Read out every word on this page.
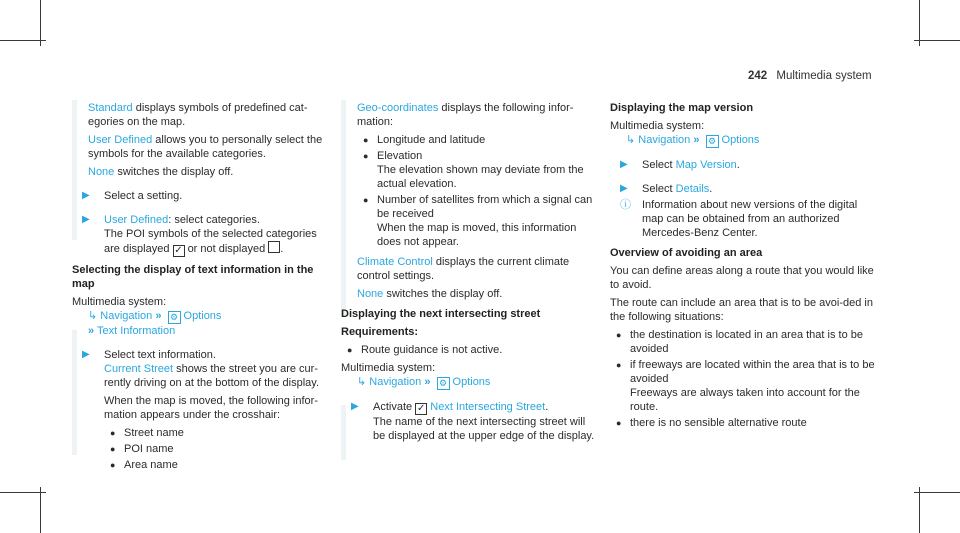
242 Multimedia system

Standard displays symbols of predefined cat-egories on the map.

User Defined allows you to personally select the symbols for the available categories.

None switches the display off.

▶ Select a setting.
▶ User Defined: select categories.
The POI symbols of the selected categories are displayed ✓ or not displayed .

Selecting the display of text information in the map

Multimedia system:

↳ Navigation » ⚙ Options
» Text Information
▶ Select text information.
Current Street shows the street you are cur-rently driving on at the bottom of the display.

When the map is moved, the following infor-mation appears under the crosshair:

● Street name
● POI name
● Area name

Geo-coordinates displays the following infor-mation:

● Longitude and latitude
● Elevation
The elevation shown may deviate from the actual elevation.
● Number of satellites from which a signal can be received
When the map is moved, this information does not appear.

Climate Control displays the current climate control settings.

None switches the display off.

Displaying the next intersecting street

Requirements:

● Route guidance is not active.

Multimedia system:

↳ Navigation » ⚙ Options
▶ Activate ✓ Next Intersecting Street.
The name of the next intersecting street will be displayed at the upper edge of the display.

Displaying the map version

Multimedia system:

↳ Navigation » ⚙ Options
▶ Select Map Version.
▶ Select Details.
ⓘ Information about new versions of the digital map can be obtained from an authorized Mercedes-Benz Center.

Overview of avoiding an area

You can define areas along a route that you would like to avoid.

The route can include an area that is to be avoi-ded in the following situations:

● the destination is located in an area that is to be avoided
● if freeways are located within the area that is to be avoided
Freeways are always taken into account for the route.
● there is no sensible alternative route
